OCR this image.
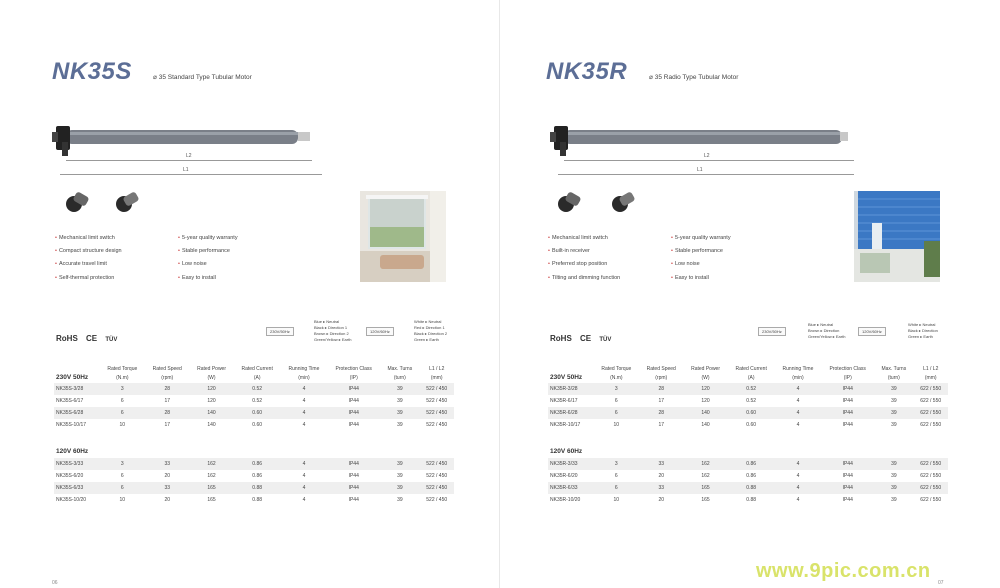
NK35S	⌀ 35 Standard Type Tubular Motor
L2
L1
• Mechanical limit switch
• Compact structure design
• Accurate travel limit
• Self-thermal protection
• 5-year quality warranty
• Stable performance
• Low noise
• Easy to install
RoHS CE TÜV
230V/50Hz
Blue ▸ Neutral
Black ▸ Direction 1
Brown ▸ Direction 2
Green/Yellow ▸ Earth
120V/60Hz
White ▸ Neutral
Red ▸ Direction 1
Black ▸ Direction 2
Green ▸ Earth
	Rated Torque	Rated Speed	Rated Power	Rated Current	Running Time	Protection Class	Max. Turns	L1 / L2
230V 50Hz	(N.m)	(rpm)	(W)	(A)	(min)	(IP)	(turn)	(mm)
NK35S-3/28	3	28	120	0.52	4	IP44	39	522 / 450
NK35S-6/17	6	17	120	0.52	4	IP44	39	522 / 450
NK35S-6/28	6	28	140	0.60	4	IP44	39	522 / 450
NK35S-10/17	10	17	140	0.60	4	IP44	39	522 / 450

120V 60Hz								
NK35S-3/33	3	33	162	0.86	4	IP44	39	522 / 450
NK35S-6/20	6	20	162	0.86	4	IP44	39	522 / 450
NK35S-6/33	6	33	165	0.88	4	IP44	39	522 / 450
NK35S-10/20	10	20	165	0.88	4	IP44	39	522 / 450
06
NK35R	⌀ 35 Radio Type Tubular Motor
L2
L1
• Mechanical limit switch
• Built-in receiver
• Preferred stop position
• Tilting and dimming function
• 5-year quality warranty
• Stable performance
• Low noise
• Easy to install
RoHS CE TÜV
230V/50Hz
Blue ▸ Neutral
Brown ▸ Direction
Green/Yellow ▸ Earth
120V/60Hz
White ▸ Neutral
Black ▸ Direction
Green ▸ Earth
	Rated Torque	Rated Speed	Rated Power	Rated Current	Running Time	Protection Class	Max. Turns	L1 / L2
230V 50Hz	(N.m)	(rpm)	(W)	(A)	(min)	(IP)	(turn)	(mm)
NK35R-3/28	3	28	120	0.52	4	IP44	39	622 / 550
NK35R-6/17	6	17	120	0.52	4	IP44	39	622 / 550
NK35R-6/28	6	28	140	0.60	4	IP44	39	622 / 550
NK35R-10/17	10	17	140	0.60	4	IP44	39	622 / 550

120V 60Hz								
NK35R-3/33	3	33	162	0.86	4	IP44	39	622 / 550
NK35R-6/20	6	20	162	0.86	4	IP44	39	622 / 550
NK35R-6/33	6	33	165	0.88	4	IP44	39	622 / 550
NK35R-10/20	10	20	165	0.88	4	IP44	39	622 / 550
07
www.9pic.com.cn
